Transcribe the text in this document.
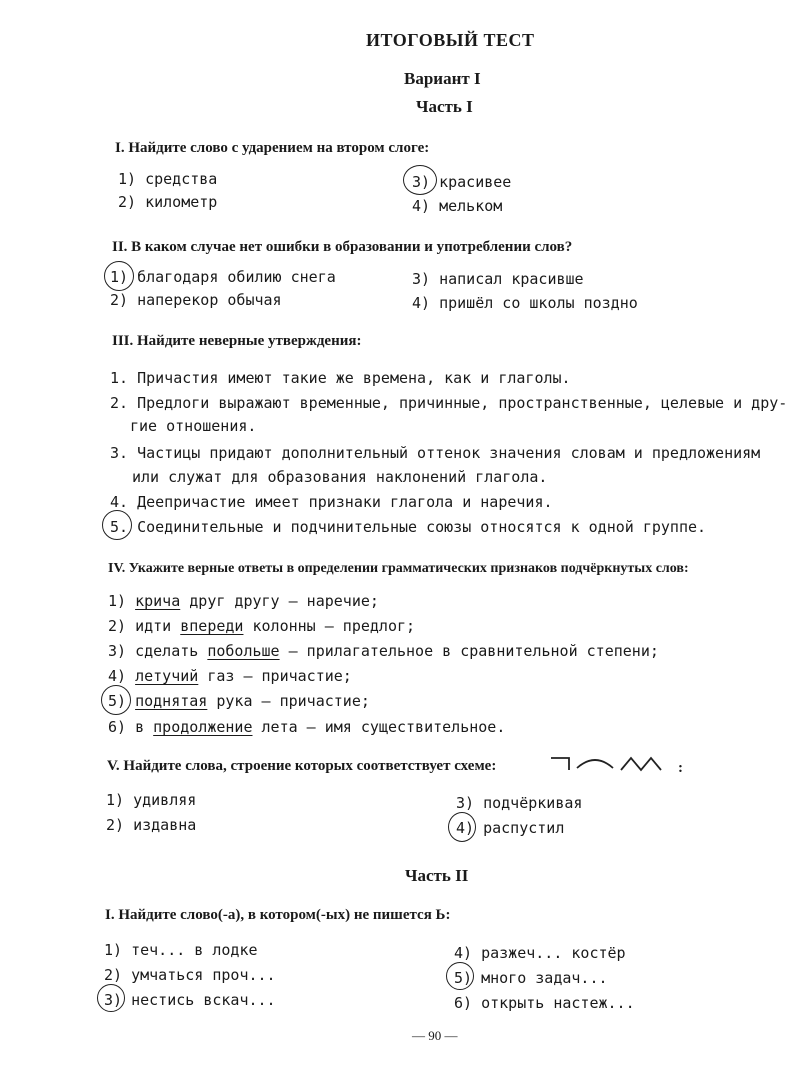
ИТОГОВЫЙ ТЕСТ
Вариант I
Часть I
I. Найдите слово с ударением на втором слоге:
1) средства
2) километр
3) красивее
4) мельком
II. В каком случае нет ошибки в образовании и употреблении слов?
1) благодаря обилию снега
2) наперекор обычая
3) написал красивше
4) пришёл со школы поздно
III. Найдите неверные утверждения:
1. Причастия имеют такие же времена, как и глаголы.
2. Предлоги выражают временные, причинные, пространственные, целевые и дру-
гие отношения.
3. Частицы придают дополнительный оттенок значения словам и предложениям
или служат для образования наклонений глагола.
4. Деепричастие имеет признаки глагола и наречия.
5. Соединительные и подчинительные союзы относятся к одной группе.
IV. Укажите верные ответы в определении грамматических признаков подчёркнутых слов:
1) крича друг другу — наречие;
2) идти впереди колонны — предлог;
3) сделать побольше — прилагательное в сравнительной степени;
4) летучий газ — причастие;
5) поднятая рука — причастие;
6) в продолжение лета — имя существительное.
V. Найдите слова, строение которых соответствует схеме:	:
1) удивляя
2) издавна
3) подчёркивая
4) распустил
Часть II
I. Найдите слово(-а), в котором(-ых) не пишется Ь:
1) теч... в лодке
2) умчаться проч...
3) нестись вскач...
4) разжеч... костёр
5) много задач...
6) открыть настеж...
— 90 —
